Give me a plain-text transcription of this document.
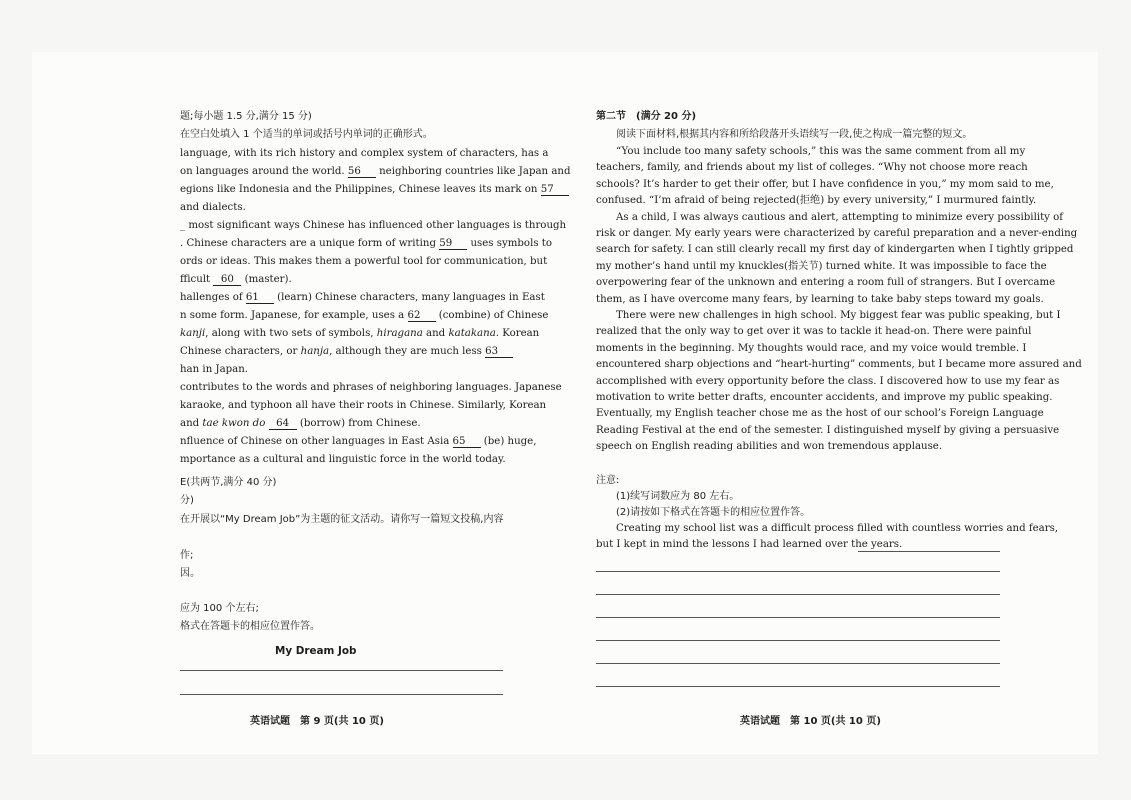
题;每小题 1.5 分,满分 15 分)
在空白处填入 1 个适当的单词或括号内单词的正确形式。
language, with its rich history and complex system of characters, has a
on languages around the world. 56 neighboring countries like Japan and
egions like Indonesia and the Philippines, Chinese leaves its mark on 57
and dialects.
_ most significant ways Chinese has influenced other languages is through
. Chinese characters are a unique form of writing 59 uses symbols to
ords or ideas. This makes them a powerful tool for communication, but
fficult 60 (master).
hallenges of 61 (learn) Chinese characters, many languages in East
n some form. Japanese, for example, uses a 62 (combine) of Chinese
kanji, along with two sets of symbols, hiragana and katakana. Korean
Chinese characters, or hanja, although they are much less 63
han in Japan.
contributes to the words and phrases of neighboring languages. Japanese
karaoke, and typhoon all have their roots in Chinese. Similarly, Korean
and tae kwon do 64 (borrow) from Chinese.
nfluence of Chinese on other languages in East Asia 65 (be) huge,
mportance as a cultural and linguistic force in the world today.
E(共两节,满分 40 分)
分)
在开展以“My Dream Job”为主题的征文活动。请你写一篇短文投稿,内容
作;
因。
应为 100 个左右;
格式在答题卡的相应位置作答。
My Dream Job
英语试题　第 9 页(共 10 页)
第二节　(满分 20 分)
阅读下面材料,根据其内容和所给段落开头语续写一段,使之构成一篇完整的短文。
“You include too many safety schools,” this was the same comment from all my
teachers, family, and friends about my list of colleges. “Why not choose more reach
schools? It’s harder to get their offer, but I have confidence in you,” my mom said to me,
confused. “I’m afraid of being rejected(拒绝) by every university,” I murmured faintly.
As a child, I was always cautious and alert, attempting to minimize every possibility of
risk or danger. My early years were characterized by careful preparation and a never-ending
search for safety. I can still clearly recall my first day of kindergarten when I tightly gripped
my mother’s hand until my knuckles(指关节) turned white. It was impossible to face the
overpowering fear of the unknown and entering a room full of strangers. But I overcame
them, as I have overcome many fears, by learning to take baby steps toward my goals.
There were new challenges in high school. My biggest fear was public speaking, but I
realized that the only way to get over it was to tackle it head-on. There were painful
moments in the beginning. My thoughts would race, and my voice would tremble. I
encountered sharp objections and “heart-hurting” comments, but I became more assured and
accomplished with every opportunity before the class. I discovered how to use my fear as
motivation to write better drafts, encounter accidents, and improve my public speaking.
Eventually, my English teacher chose me as the host of our school’s Foreign Language
Reading Festival at the end of the semester. I distinguished myself by giving a persuasive
speech on English reading abilities and won tremendous applause.
注意:
(1)续写词数应为 80 左右。
(2)请按如下格式在答题卡的相应位置作答。
Creating my school list was a difficult process filled with countless worries and fears,
but I kept in mind the lessons I had learned over the years.
英语试题　第 10 页(共 10 页)
